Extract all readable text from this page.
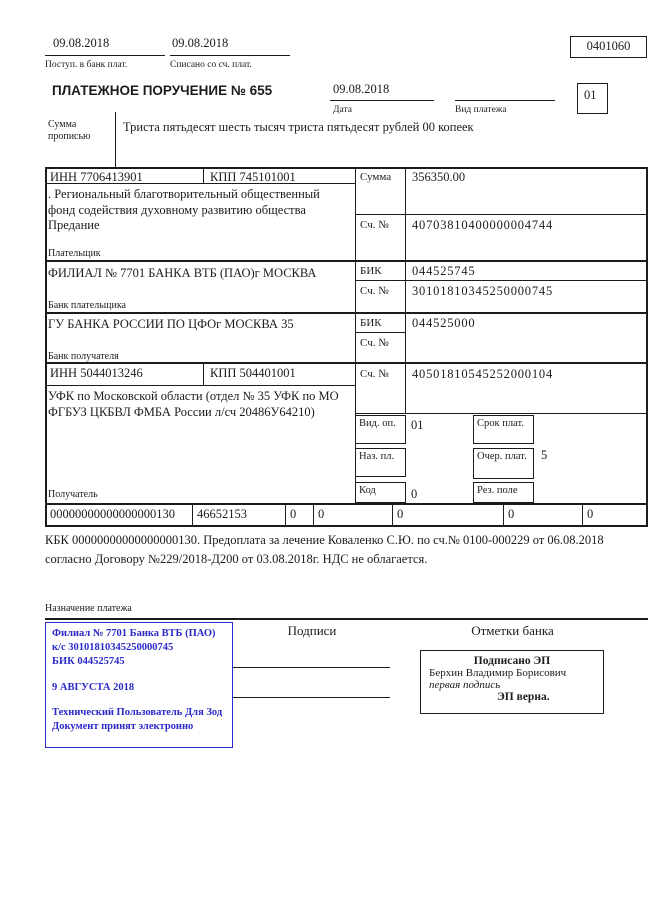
09.08.2018
Поступ. в банк плат.
09.08.2018
Списано со сч. плат.
0401060
ПЛАТЕЖНОЕ ПОРУЧЕНИЕ № 655	09.08.2018
Дата	Вид платежа
01
Сумма прописью
Триста пятьдесят шесть тысяч триста пятьдесят рублей 00 копеек
ИНН 7706413901	КПП 745101001	Сумма 356350.00
. Региональный благотворительный общественный фонд содействия духовному развитию общества Предание	Сч. № 40703810400000004744
Плательщик
ФИЛИАЛ № 7701 БАНКА ВТБ (ПАО)г МОСКВА	БИК 044525745
Сч. № 30101810345250000745
Банк плательщика
ГУ БАНКА РОССИИ ПО ЦФОг МОСКВА 35	БИК 044525000
Сч. №
Банк получателя
ИНН 5044013246	КПП 504401001	Сч. № 40501810545252000104
УФК по Московской области (отдел № 35 УФК по МО ФГБУЗ ЦКБВЛ ФМБА России л/сч 20486У64210)
Получатель
Вид. оп.	01	Срок плат.
Наз. пл.	Очер. плат.	5
Код	0	Рез. поле
00000000000000000130 46652153	0 0	0	0	0
КБК 00000000000000000130. Предоплата за лечение Коваленко С.Ю. по сч.№ 0100-000229 от 06.08.2018 согласно Договору №229/2018-Д200 от 03.08.2018г. НДС не облагается.
Назначение платежа
Подписи	Отметки банка
Филиал № 7701 Банка ВТБ (ПАО)
к/с 30101810345250000745
БИК 044525745
9 АВГУСТА 2018
Технический Пользователь Для Зод
Документ принят электронно
Подписано ЭП
Берхин Владимир Борисович
первая подпись
ЭП верна.
